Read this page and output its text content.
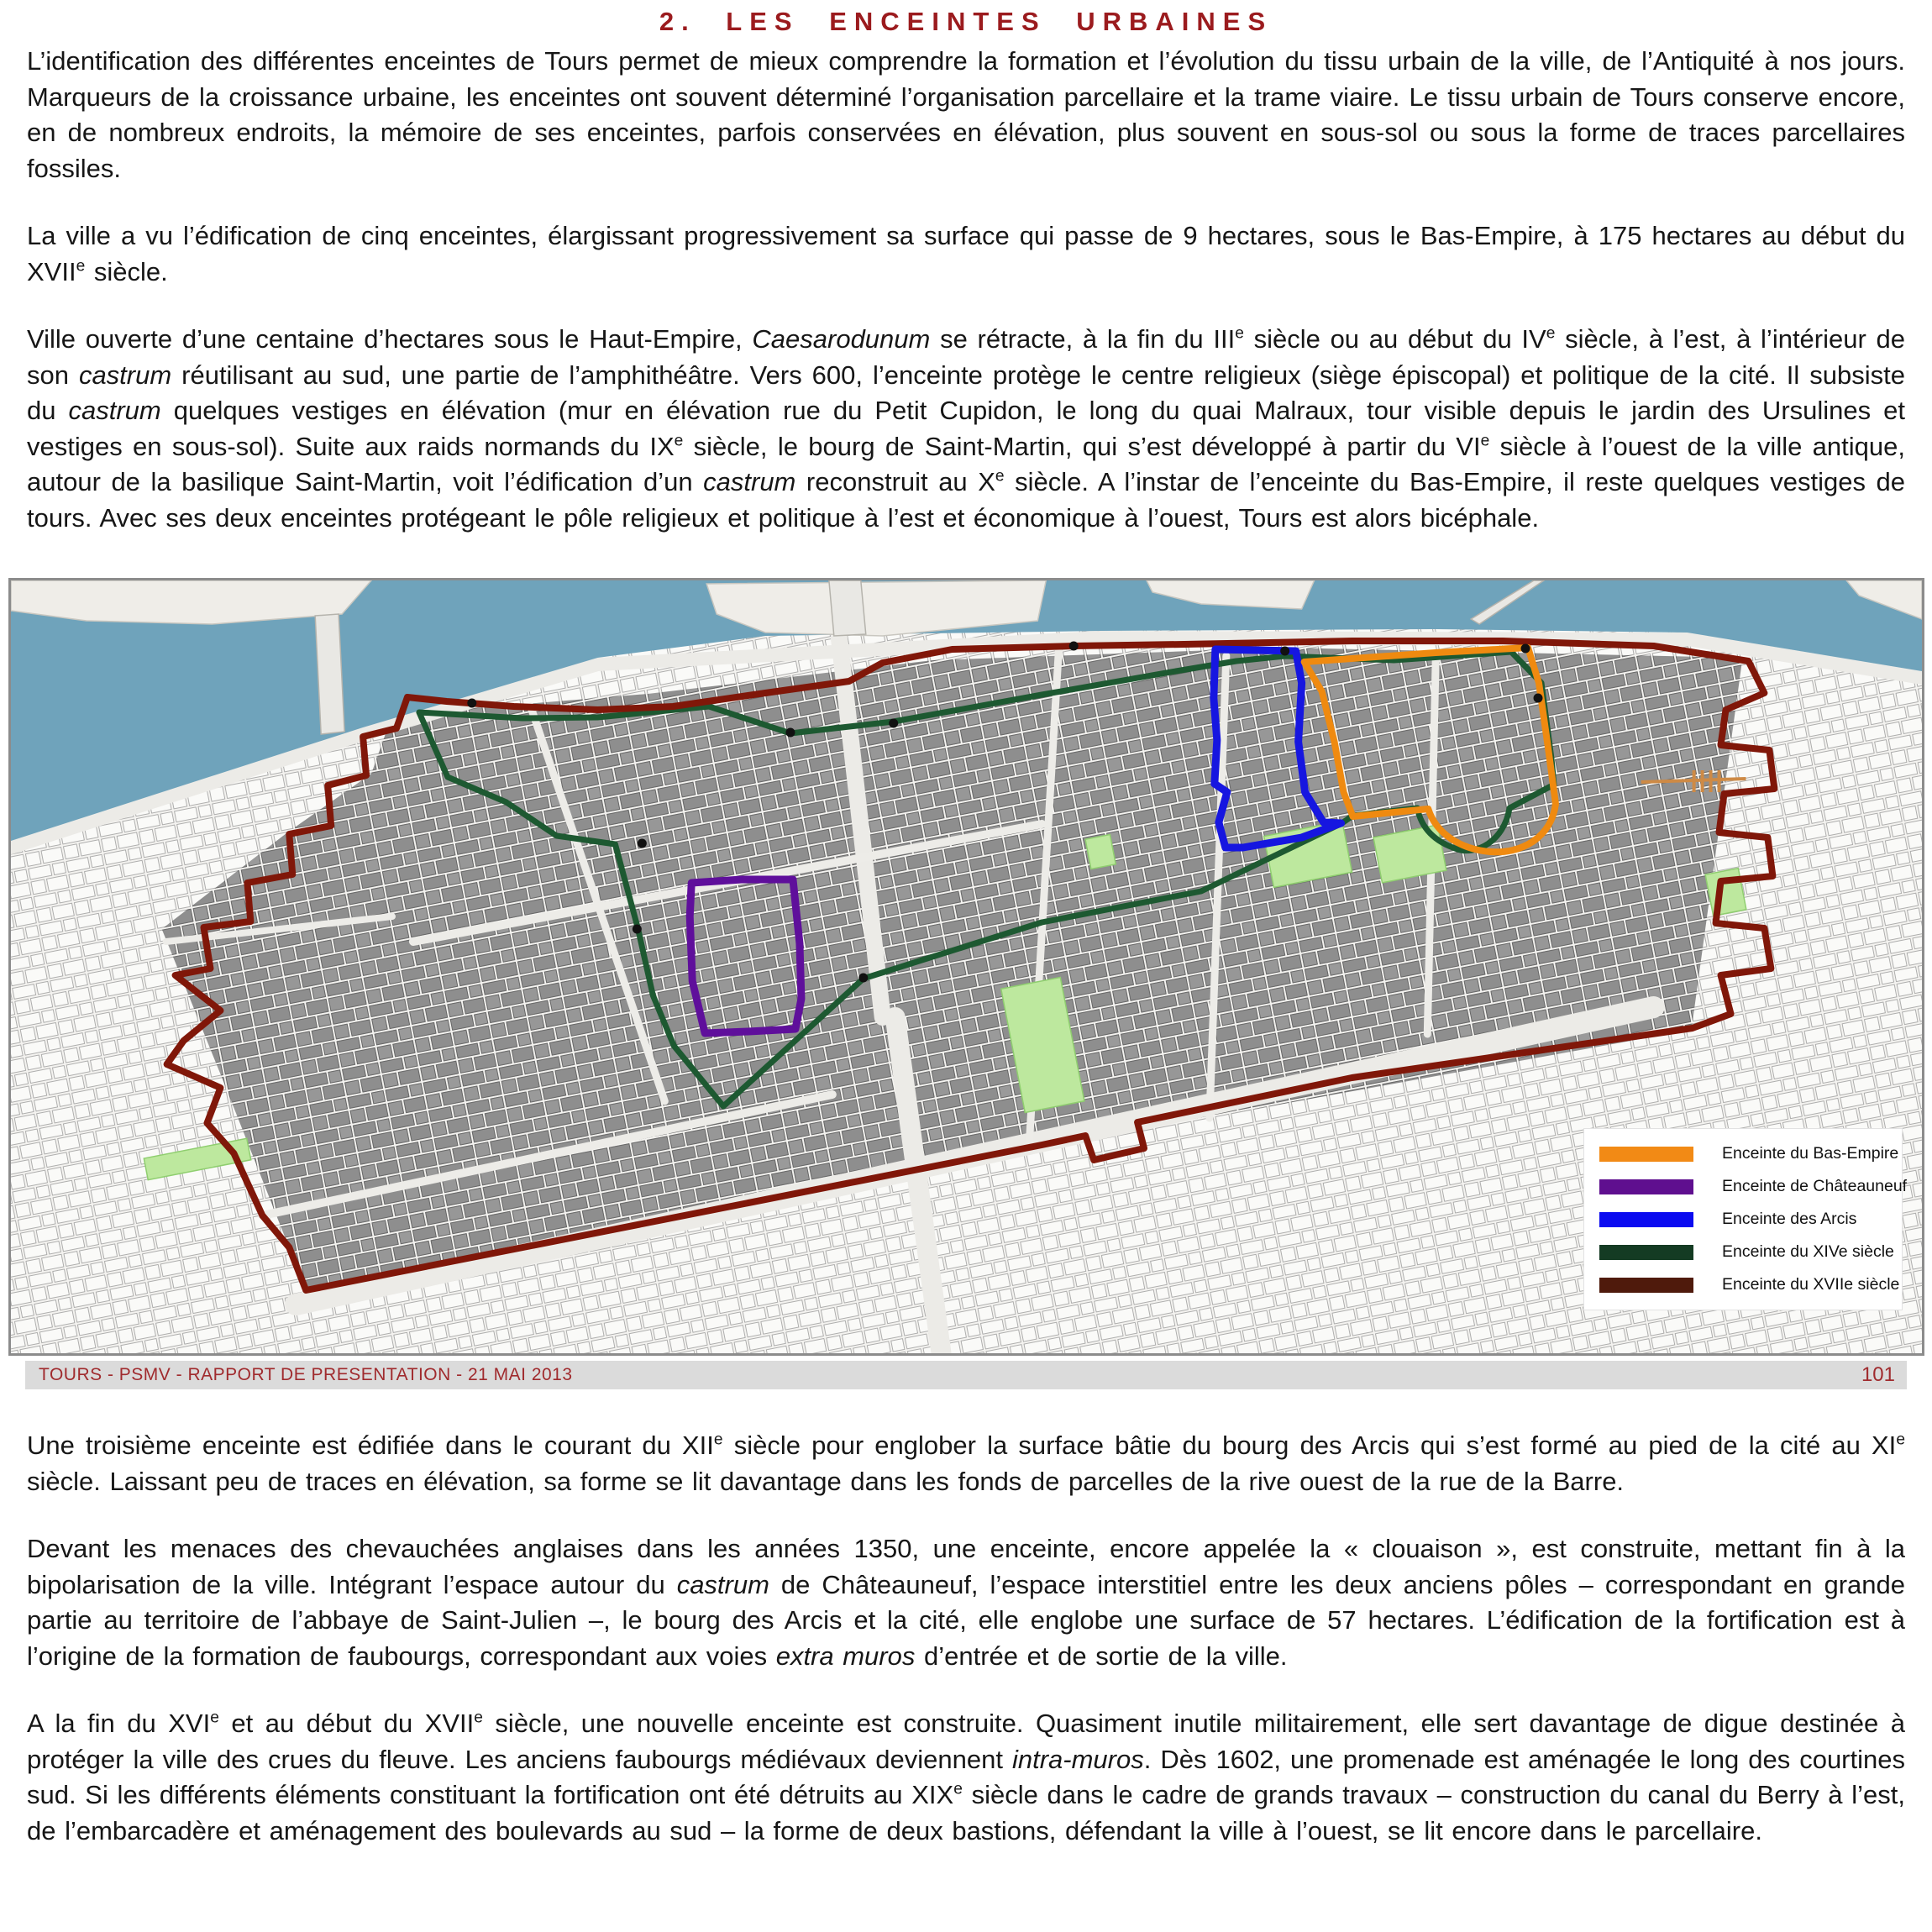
2. LES ENCEINTES URBAINES

L’identification des différentes enceintes de Tours permet de mieux comprendre la formation et l’évolution du tissu urbain de la ville, de l’Antiquité à nos jours. Marqueurs de la croissance urbaine, les enceintes ont souvent déterminé l’organisation parcellaire et la trame viaire. Le tissu urbain de Tours conserve encore, en de nombreux endroits, la mémoire de ses enceintes, parfois conservées en élévation, plus souvent en sous-sol ou sous la forme de traces parcellaires fossiles.

La ville a vu l’édification de cinq enceintes, élargissant progressivement sa surface qui passe de 9 hectares, sous le Bas-Empire, à 175 hectares au début du XVIIe siècle.

Ville ouverte d’une centaine d’hectares sous le Haut-Empire, Caesarodunum se rétracte, à la fin du IIIe siècle ou au début du IVe siècle, à l’est, à l’intérieur de son castrum réutilisant au sud, une partie de l’amphithéâtre. Vers 600, l’enceinte protège le centre religieux (siège épiscopal) et politique de la cité. Il subsiste du castrum quelques vestiges en élévation (mur en élévation rue du Petit Cupidon, le long du quai Malraux, tour visible depuis le jardin des Ursulines et vestiges en sous-sol). Suite aux raids normands du IXe siècle, le bourg de Saint-Martin, qui s’est développé à partir du VIe siècle à l’ouest de la ville antique, autour de la basilique Saint-Martin, voit l’édification d’un castrum reconstruit au Xe siècle. A l’instar de l’enceinte du Bas-Empire, il reste quelques vestiges de tours. Avec ses deux enceintes protégeant le pôle religieux et politique à l’est et économique à l’ouest, Tours est alors bicéphale.

Enceinte du Bas-Empire
Enceinte de Châteauneuf
Enceinte des Arcis
Enceinte du XIVe siècle
Enceinte du XVIIe siècle
TOURS - PSMV - RAPPORT DE PRESENTATION - 21 MAI 2013	101

Une troisième enceinte est édifiée dans le courant du XIIe siècle pour englober la surface bâtie du bourg des Arcis qui s’est formé au pied de la cité au XIe siècle. Laissant peu de traces en élévation, sa forme se lit davantage dans les fonds de parcelles de la rive ouest de la rue de la Barre.

Devant les menaces des chevauchées anglaises dans les années 1350, une enceinte, encore appelée la « clouaison », est construite, mettant fin à la bipolarisation de la ville. Intégrant l’espace autour du castrum de Châteauneuf, l’espace interstitiel entre les deux anciens pôles – correspondant en grande partie au territoire de l’abbaye de Saint-Julien –, le bourg des Arcis et la cité, elle englobe une surface de 57 hectares. L’édification de la fortification est à l’origine de la formation de faubourgs, correspondant aux voies extra muros d’entrée et de sortie de la ville.

A la fin du XVIe et au début du XVIIe siècle, une nouvelle enceinte est construite. Quasiment inutile militairement, elle sert davantage de digue destinée à protéger la ville des crues du fleuve. Les anciens faubourgs médiévaux deviennent intra-muros. Dès 1602, une promenade est aménagée le long des courtines sud. Si les différents éléments constituant la fortification ont été détruits au XIXe siècle dans le cadre de grands travaux – construction du canal du Berry à l’est, de l’embarcadère et aménagement des boulevards au sud – la forme de deux bastions, défendant la ville à l’ouest, se lit encore dans le parcellaire.
